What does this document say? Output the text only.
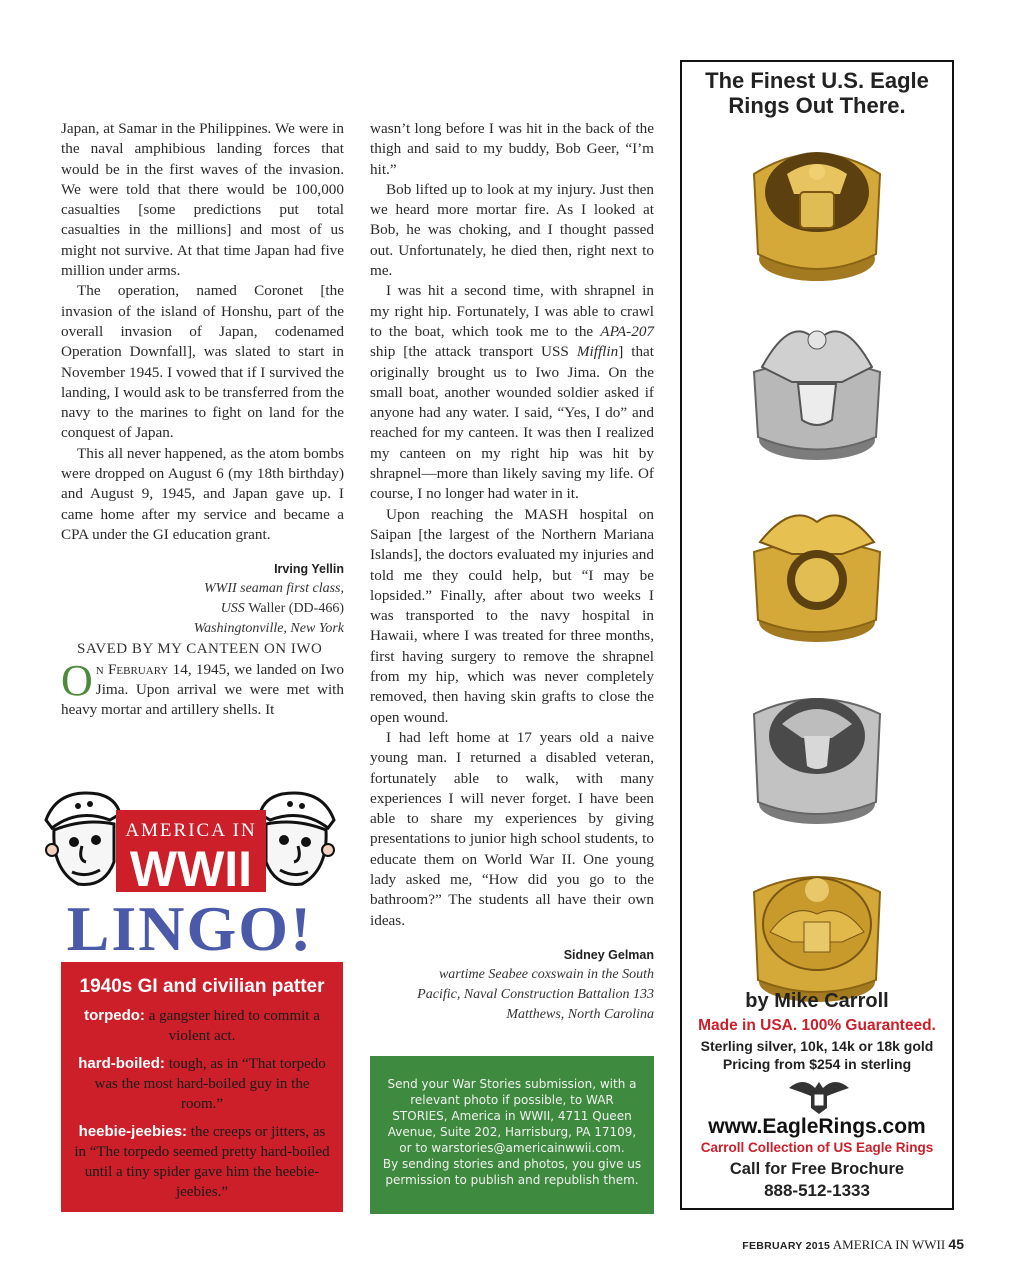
Japan, at Samar in the Philippines. We were in the naval amphibious landing forces that would be in the first waves of the invasion. We were told that there would be 100,000 casualties [some predictions put total casualties in the millions] and most of us might not survive. At that time Japan had five million under arms.

The operation, named Coronet [the invasion of the island of Honshu, part of the overall invasion of Japan, codenamed Operation Downfall], was slated to start in November 1945. I vowed that if I survived the landing, I would ask to be transferred from the navy to the marines to fight on land for the conquest of Japan.

This all never happened, as the atom bombs were dropped on August 6 (my 18th birthday) and August 9, 1945, and Japan gave up. I came home after my service and became a CPA under the GI education grant.

Irving Yellin
WWII seaman first class,
USS Waller (DD-466)
Washingtonville, New York

SAVED BY MY CANTEEN ON IWO

On February 14, 1945, we landed on Iwo Jima. Upon arrival we were met with heavy mortar and artillery shells. It

wasn’t long before I was hit in the back of the thigh and said to my buddy, Bob Geer, “I’m hit.”

Bob lifted up to look at my injury. Just then we heard more mortar fire. As I looked at Bob, he was choking, and I thought passed out. Unfortunately, he died then, right next to me.

I was hit a second time, with shrapnel in my right hip. Fortunately, I was able to crawl to the boat, which took me to the APA-207 ship [the attack transport USS Mifflin] that originally brought us to Iwo Jima. On the small boat, another wounded soldier asked if anyone had any water. I said, “Yes, I do” and reached for my canteen. It was then I realized my canteen on my right hip was hit by shrapnel—more than likely saving my life. Of course, I no longer had water in it.

Upon reaching the MASH hospital on Saipan [the largest of the Northern Mariana Islands], the doctors evaluated my injuries and told me they could help, but “I may be lopsided.” Finally, after about two weeks I was transported to the navy hospital in Hawaii, where I was treated for three months, first having surgery to remove the shrapnel from my hip, which was never completely removed, then having skin grafts to close the open wound.

I had left home at 17 years old a naive young man. I returned a disabled veteran, fortunately able to walk, with many experiences I will never forget. I have been able to share my experiences by giving presentations to junior high school students, to educate them on World War II. One young lady asked me, “How did you go to the bathroom?” The students all have their own ideas.

Sidney Gelman
wartime Seabee coxswain in the South
Pacific, Naval Construction Battalion 133
Matthews, North Carolina
AMERICA IN
WWII
LINGO!
1940s GI and civilian patter
torpedo: a gangster hired to commit a violent act.
hard-boiled: tough, as in “That torpedo was the most hard-boiled guy in the room.”
heebie-jeebies: the creeps or jitters, as in “The torpedo seemed pretty hard-boiled until a tiny spider gave him the heebie-jeebies.”
Send your War Stories submission, with a relevant photo if possible, to WAR STORIES, America in WWII, 4711 Queen Avenue, Suite 202, Harrisburg, PA 17109, or to warstories@americainwwii.com.
By sending stories and photos, you give us permission to publish and republish them.
The Finest U.S. Eagle
Rings Out There.
by Mike Carroll
Made in USA. 100% Guaranteed.
Sterling silver, 10k, 14k or 18k gold
Pricing from $254 in sterling
www.EagleRings.com
Carroll Collection of US Eagle Rings
Call for Free Brochure
888-512-1333
FEBRUARY 2015 AMERICA IN WWII 45
